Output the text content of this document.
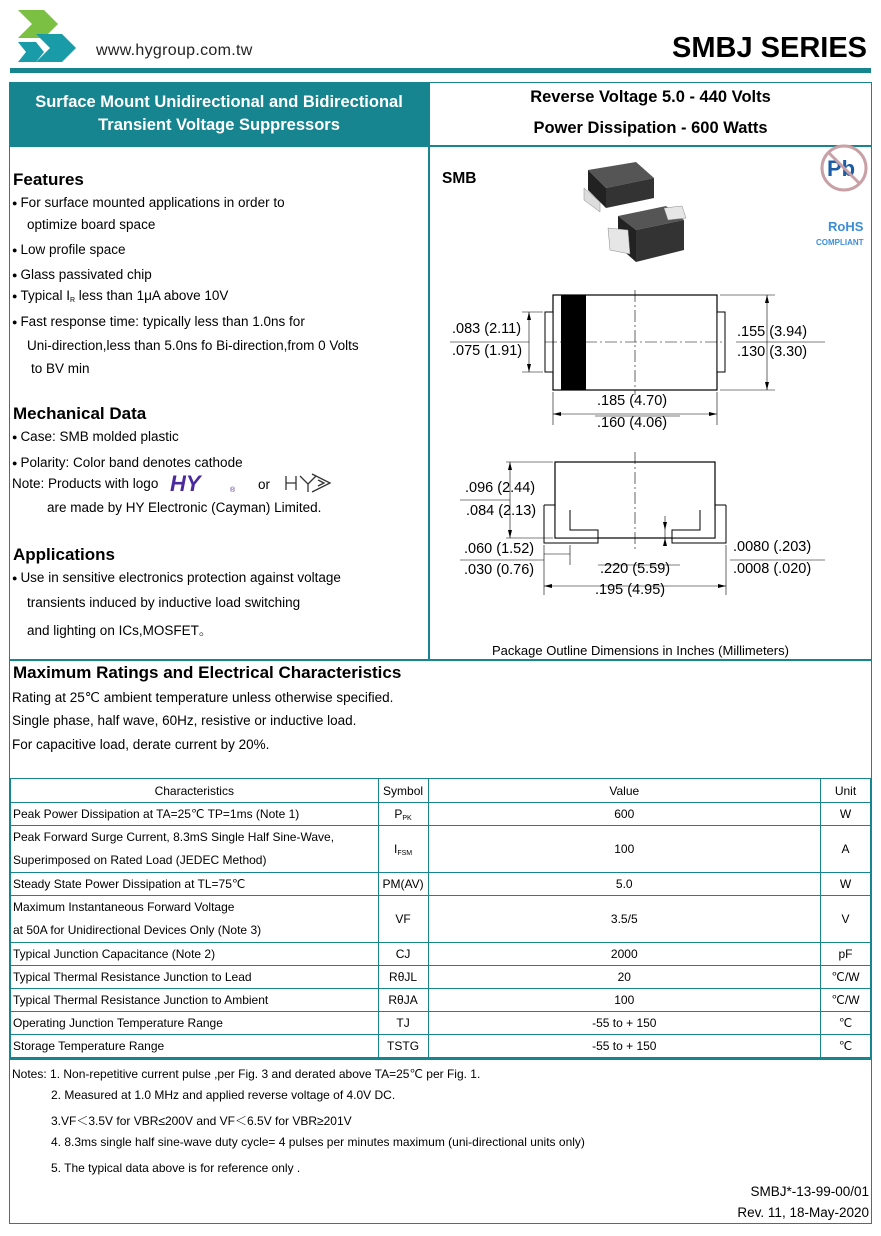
www.hygroup.com.tw	SMBJ SERIES
Surface Mount Unidirectional and Bidirectional
Transient Voltage Suppressors
Reverse Voltage 5.0 - 440 Volts
Power Dissipation - 600 Watts
Features
● For surface mounted applications in order to
optimize board space
● Low profile space
● Glass passivated chip
● Typical $I_R$ less than 1μA above 10V
● Fast response time: typically less than 1.0ns for
Uni-direction,less than 5.0ns fo Bi-direction,from 0 Volts
to BV min
Mechanical Data
● Case: SMB molded plastic
● Polarity: Color band denotes cathode
Note: Products with logo HY	® or
are made by HY Electronic (Cayman) Limited.
Applications
● Use in sensitive electronics protection against voltage
transients induced by inductive load switching
and lighting on ICs,MOSFET。
SMB	Pb
RoHS
COMPLIANT
.083 (2.11)
.075 (1.91)
.155 (3.94)
.130 (3.30)
.185 (4.70)
.160 (4.06)
.096 (2.44)
.084 (2.13)
.060 (1.52)
.030 (0.76)
.0080 (.203)
.0008 (.020)
.220 (5.59)
.195 (4.95)
Package Outline Dimensions in Inches (Millimeters)
Maximum Ratings and Electrical Characteristics
Rating at 25℃ ambient temperature unless otherwise specified.
Single phase, half wave, 60Hz, resistive or inductive load.
For capacitive load, derate current by 20%.
Characteristics	Symbol	Value	Unit
Peak Power Dissipation at TA=25℃ TP=1ms (Note 1)	$P_{PK}$	600	W

Peak Forward Surge Current, 8.3mS Single Half Sine-Wave,
Superimposed on Rated Load (JEDEC Method)	$I_{FSM}$	100	A
Steady State Power Dissipation at TL=75℃	PM(AV)	5.0	W

Maximum Instantaneous Forward Voltage
at 50A for Unidirectional Devices Only (Note 3)	VF	3.5/5	V
Typical Junction Capacitance (Note 2)	CJ	2000	pF
Typical Thermal Resistance Junction to Lead	RθJL	20	℃/W
Typical Thermal Resistance Junction to Ambient	RθJA	100	℃/W
Operating Junction Temperature Range	TJ	-55 to + 150	℃
Storage Temperature Range	TSTG	-55 to + 150	℃
Notes: 1. Non-repetitive current pulse ,per Fig. 3 and derated above TA=25℃ per Fig. 1.
2. Measured at 1.0 MHz and applied reverse voltage of 4.0V DC.
3.VF＜3.5V for VBR≤200V and VF＜6.5V for VBR≥201V
4. 8.3ms single half sine-wave duty cycle= 4 pulses per minutes maximum (uni-directional units only)
5. The typical data above is for reference only .
SMBJ*-13-99-00/01
Rev. 11, 18-May-2020
